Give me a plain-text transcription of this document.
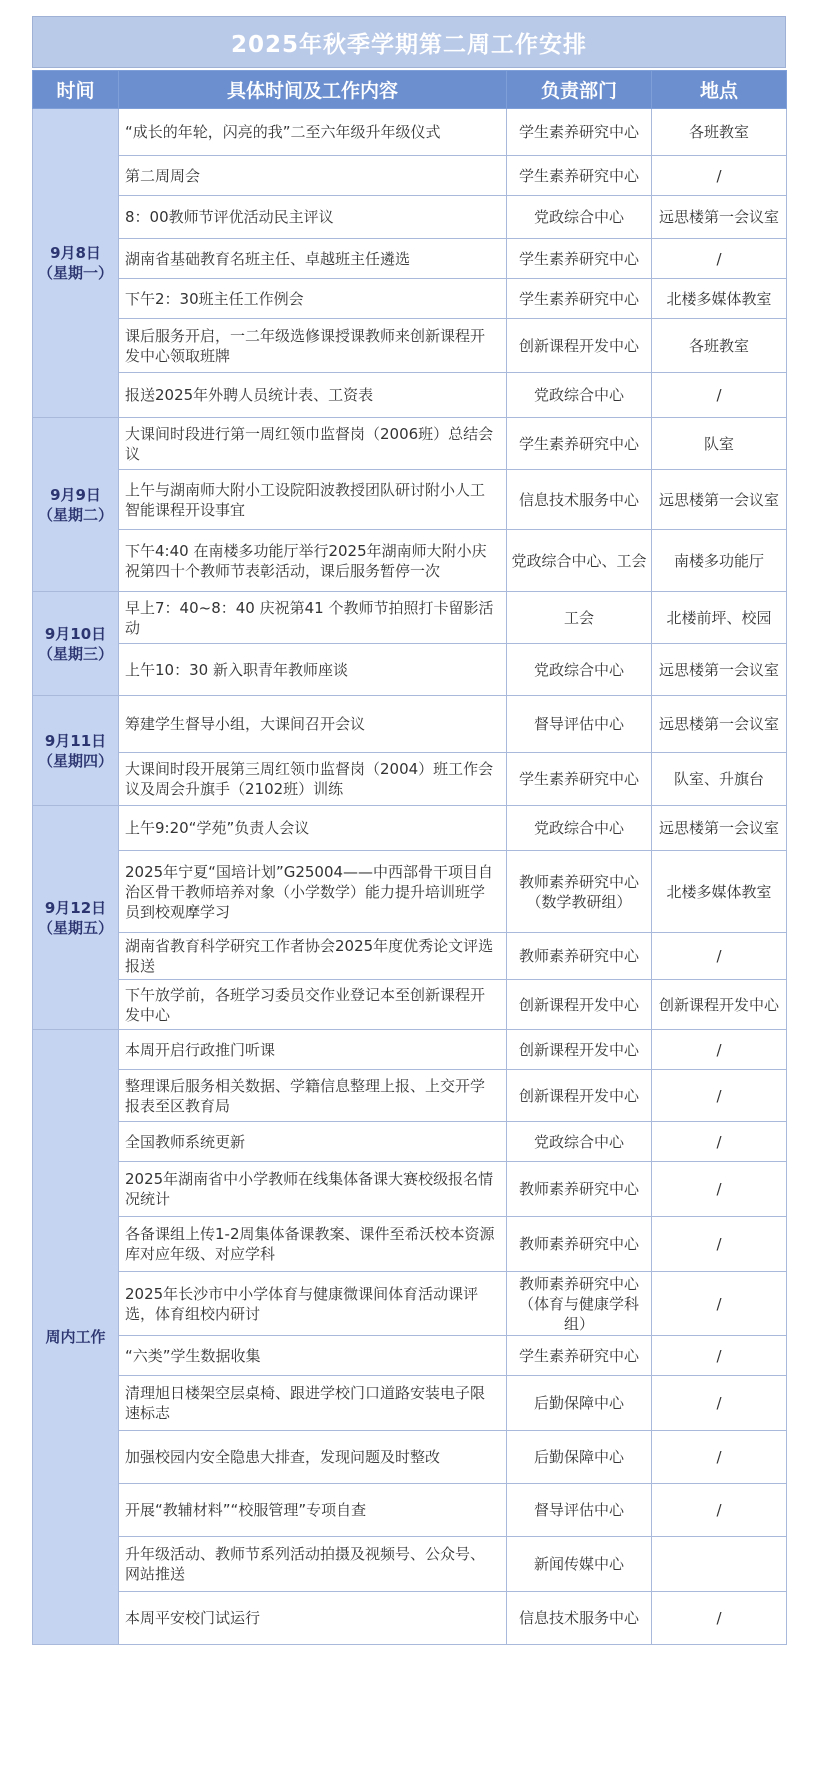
2025年秋季学期第二周工作安排
时间	具体时间及工作内容	负责部门	地点
9月8日
（星期一）	“成长的年轮，闪亮的我”二至六年级升年级仪式	学生素养研究中心	各班教室
	第二周周会	学生素养研究中心	/
	8：00教师节评优活动民主评议	党政综合中心	远思楼第一会议室
	湖南省基础教育名班主任、卓越班主任遴选	学生素养研究中心	/
	下午2：30班主任工作例会	学生素养研究中心	北楼多媒体教室
	课后服务开启，一二年级选修课授课教师来创新课程开发中心领取班牌	创新课程开发中心	各班教室
	报送2025年外聘人员统计表、工资表	党政综合中心	/
9月9日
（星期二）	大课间时段进行第一周红领巾监督岗（2006班）总结会议	学生素养研究中心	队室
	上午与湖南师大附小工设院阳波教授团队研讨附小人工智能课程开设事宜	信息技术服务中心	远思楼第一会议室
	下午4:40 在南楼多功能厅举行2025年湖南师大附小庆祝第四十个教师节表彰活动，课后服务暂停一次	党政综合中心、工会	南楼多功能厅
9月10日
（星期三）	早上7：40~8：40 庆祝第41 个教师节拍照打卡留影活动	工会	北楼前坪、校园
	上午10：30 新入职青年教师座谈	党政综合中心	远思楼第一会议室
9月11日
（星期四）	筹建学生督导小组，大课间召开会议	督导评估中心	远思楼第一会议室
	大课间时段开展第三周红领巾监督岗（2004）班工作会议及周会升旗手（2102班）训练	学生素养研究中心	队室、升旗台
9月12日
（星期五）	上午9:20“学苑”负责人会议	党政综合中心	远思楼第一会议室
	2025年宁夏“国培计划”G25004——中西部骨干项目自治区骨干教师培养对象（小学数学）能力提升培训班学员到校观摩学习	教师素养研究中心（数学教研组）	北楼多媒体教室
	湖南省教育科学研究工作者协会2025年度优秀论文评选报送	教师素养研究中心	/
	下午放学前，各班学习委员交作业登记本至创新课程开发中心	创新课程开发中心	创新课程开发中心
周内工作	本周开启行政推门听课	创新课程开发中心	/
	整理课后服务相关数据、学籍信息整理上报、上交开学报表至区教育局	创新课程开发中心	/
	全国教师系统更新	党政综合中心	/
	2025年湖南省中小学教师在线集体备课大赛校级报名情况统计	教师素养研究中心	/
	各备课组上传1-2周集体备课教案、课件至希沃校本资源库对应年级、对应学科	教师素养研究中心	/
	2025年长沙市中小学体育与健康微课间体育活动课评选，体育组校内研讨	教师素养研究中心（体育与健康学科组）	/
	“六类”学生数据收集	学生素养研究中心	/
	清理旭日楼架空层桌椅、跟进学校门口道路安装电子限速标志	后勤保障中心	/
	加强校园内安全隐患大排查，发现问题及时整改	后勤保障中心	/
	开展“教辅材料”“校服管理”专项自查	督导评估中心	/
	升年级活动、教师节系列活动拍摄及视频号、公众号、网站推送	新闻传媒中心	
	本周平安校门试运行	信息技术服务中心	/
